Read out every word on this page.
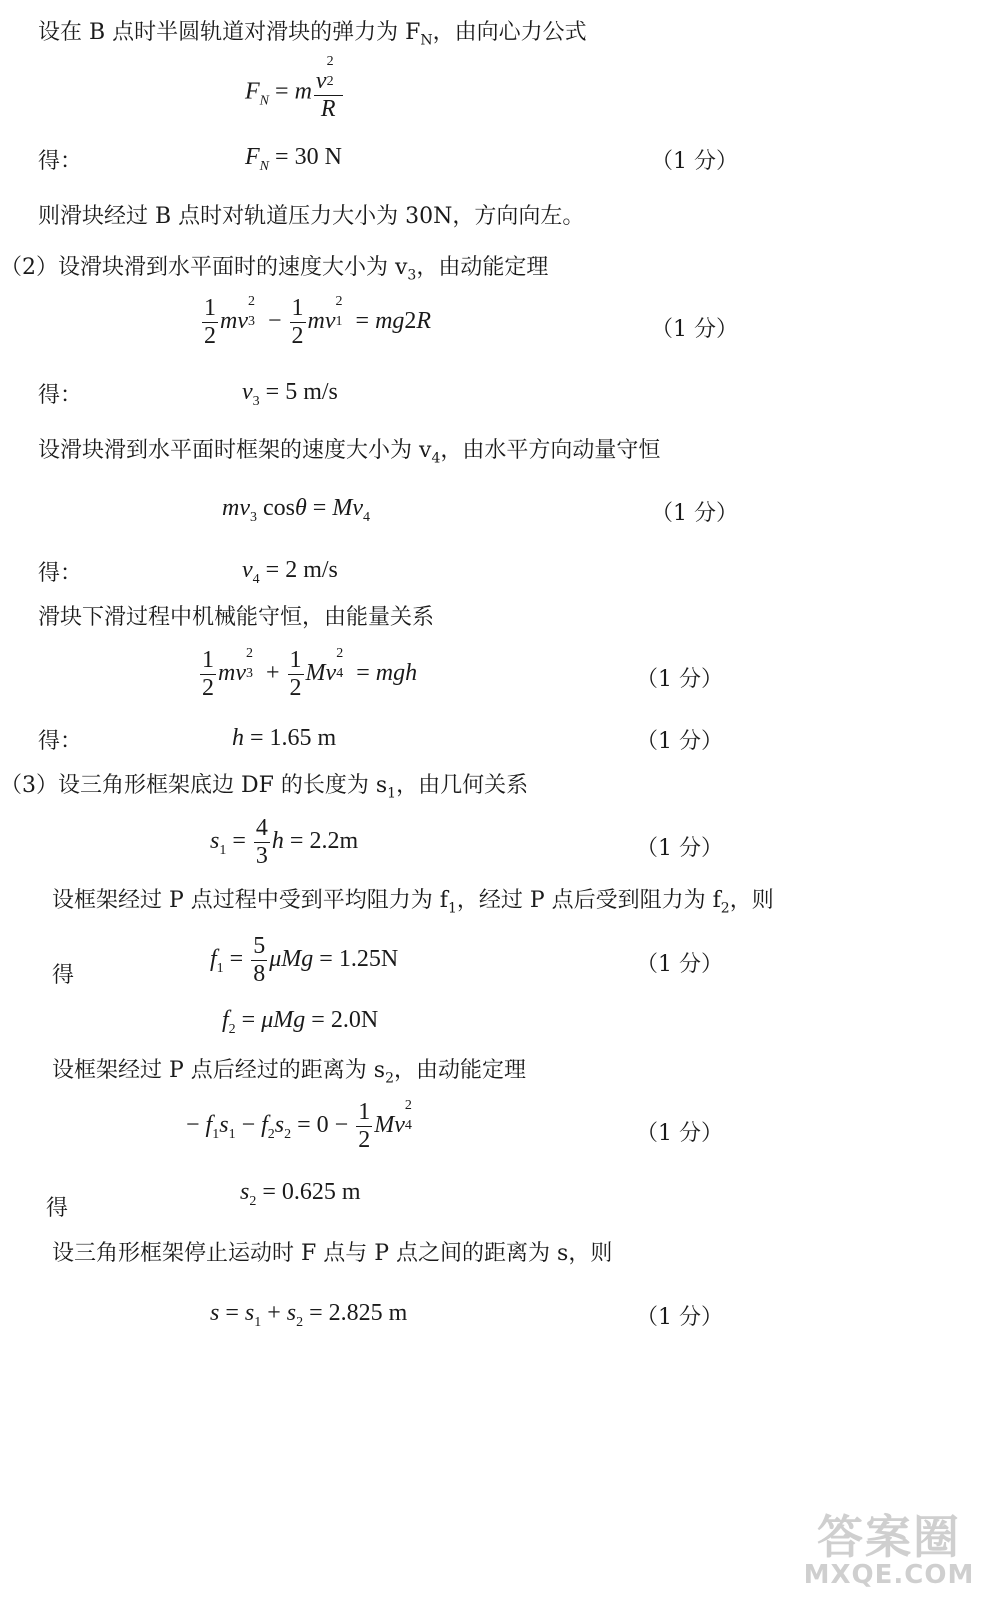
设在 B 点时半圆轨道对滑块的弹力为 $F_N$，由向心力公式
$F_N = m$ v
2
2
R
得：	$F_N = 30$ N	（1 分）
则滑块经过 B 点时对轨道压力大小为 30N，方向向左。
（2）设滑块滑到水平面时的速度大小为 $v_3$，由动能定理
$\frac{1}{2}$ mv
2
$3 - \frac{1}{2}$ mv
2
1 = mg2R	（1 分）
得：	$v_3 = 5$ m/s
设滑块滑到水平面时框架的速度大小为 $v_4$，由水平方向动量守恒
$mv_3$ $\cos\theta = Mv_4$	（1 分）
得：	$v_4 = 2$ m/s
滑块下滑过程中机械能守恒，由能量关系
$\frac{1}{2}$ mv
2
$3 + \frac{1}{2}$ Mv
2
4 = mgh	（1 分）
得：	h = 1.65 m	（1 分）
（3）设三角形框架底边 DF 的长度为 $s_1$，由几何关系
$s_1 = \frac{4}{3}$ h = 2.2m	（1 分）
设框架经过 P 点过程中受到平均阻力为 $f_1$，经过 P 点后受到阻力为 $f_2$，则
得
$f_1 = \frac{5}{8}$ μMg = 1.25N	（1 分）
$f_2 = \mu Mg = 2.0N$
设框架经过 P 点后经过的距离为 $s_2$，由动能定理
− $f_1s_1 - f_2s_2 = 0 - \frac{1}{2}$ Mv
2
4	（1 分）
得
$s_2 = 0.625$ m
设三角形框架停止运动时 F 点与 P 点之间的距离为 s，则
$s = s_1 + s_2 = 2.825$ m	（1 分）
答案圈
MXQE.COM
